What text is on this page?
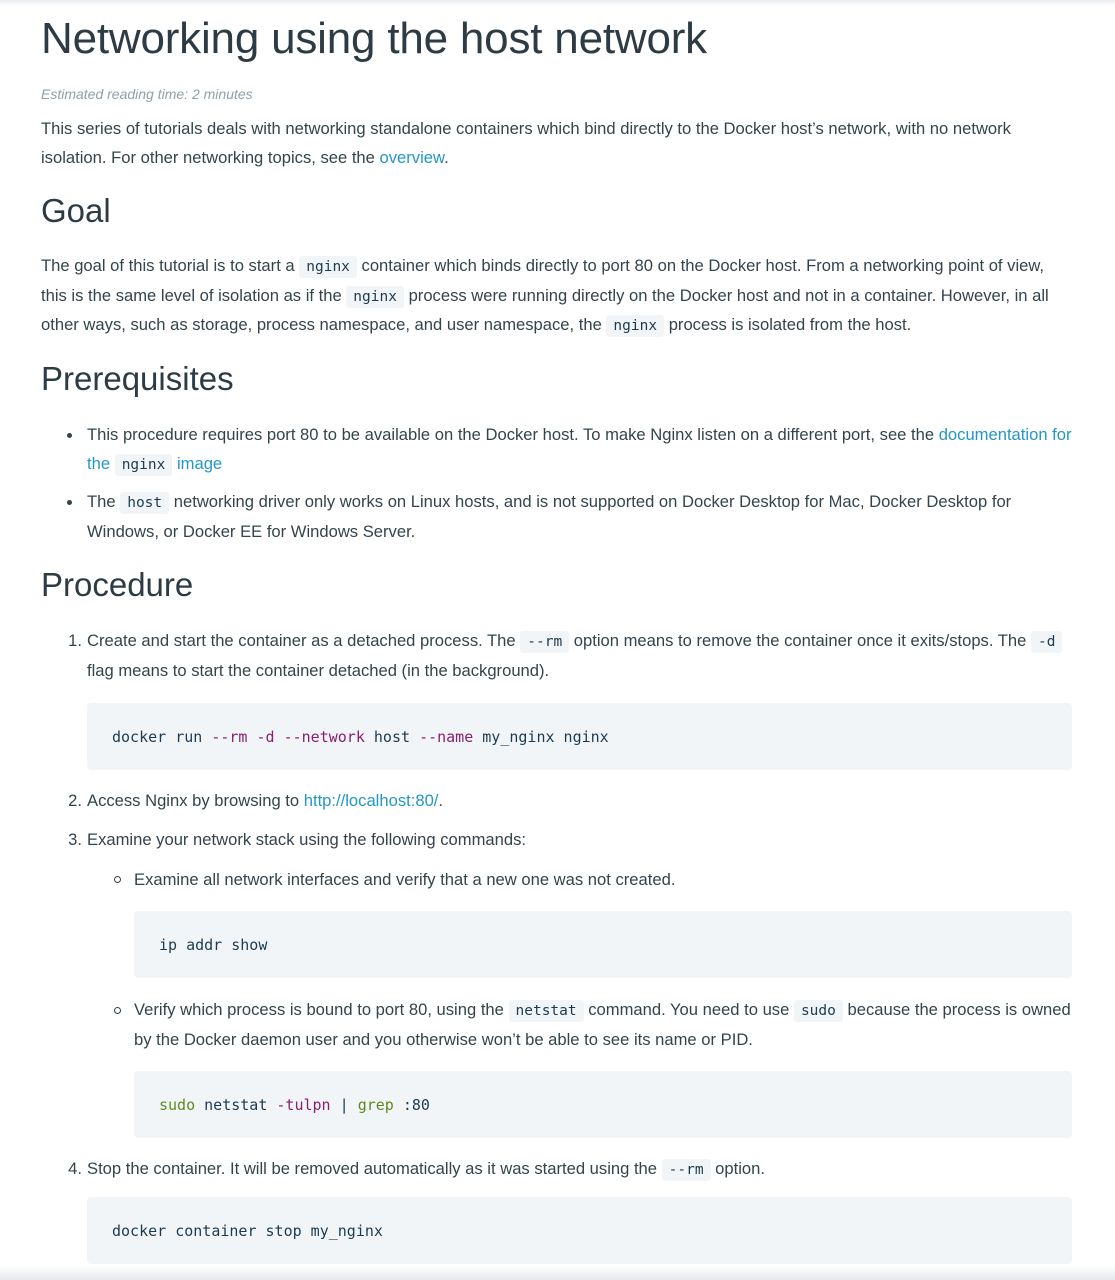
Networking using the host network
Estimated reading time: 2 minutes

This series of tutorials deals with networking standalone containers which bind directly to the Docker host’s network, with no network isolation. For other networking topics, see the overview.

Goal

The goal of this tutorial is to start a nginx container which binds directly to port 80 on the Docker host. From a networking point of view, this is the same level of isolation as if the nginx process were running directly on the Docker host and not in a container. However, in all other ways, such as storage, process namespace, and user namespace, the nginx process is isolated from the host.

Prerequisites
This procedure requires port 80 to be available on the Docker host. To make Nginx listen on a different port, see the documentation for the nginx image
The host networking driver only works on Linux hosts, and is not supported on Docker Desktop for Mac, Docker Desktop for Windows, or Docker EE for Windows Server.
Procedure
1. Create and start the container as a detached process. The --rm option means to remove the container once it exits/stops. The -d flag means to start the container detached (in the background).
docker run --rm -d --network host --name my_nginx nginx
2. Access Nginx by browsing to http://localhost:80/.
3. Examine your network stack using the following commands:
Examine all network interfaces and verify that a new one was not created.
ip addr show
Verify which process is bound to port 80, using the netstat command. You need to use sudo because the process is owned by the Docker daemon user and you otherwise won’t be able to see its name or PID.
sudo netstat -tulpn | grep :80
4. Stop the container. It will be removed automatically as it was started using the --rm option.
docker container stop my_nginx
